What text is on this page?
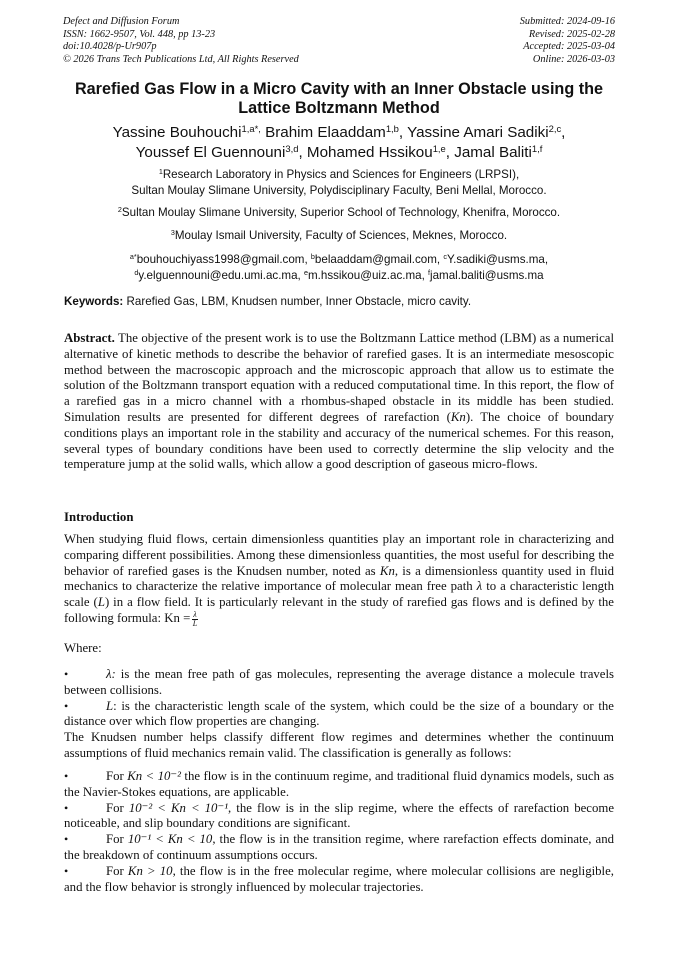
Defect and Diffusion Forum
ISSN: 1662-9507, Vol. 448, pp 13-23
doi:10.4028/p-Ur907p
© 2026 Trans Tech Publications Ltd, All Rights Reserved
Submitted: 2024-09-16
Revised: 2025-02-28
Accepted: 2025-03-04
Online: 2026-03-03
Rarefied Gas Flow in a Micro Cavity with an Inner Obstacle using the
Lattice Boltzmann Method
Yassine Bouhouchi$^{1,a*,}$ Brahim Elaaddam$^{1,b}$, Yassine Amari Sadiki$^{2,c}$,
Youssef El Guennouni$^{3,d}$, Mohamed Hssikou$^{1,e}$, Jamal Baliti$^{1,f}$
$^1$Research Laboratory in Physics and Sciences for Engineers (LRPSI),
Sultan Moulay Slimane University, Polydisciplinary Faculty, Beni Mellal, Morocco.
$^2$Sultan Moulay Slimane University, Superior School of Technology, Khenifra, Morocco.
$^3$Moulay Ismail University, Faculty of Sciences, Meknes, Morocco.
$^{a*}$bouhouchiyass1998@gmail.com, $^b$belaaddam@gmail.com, $^c$Y.sadiki@usms.ma,
$^d$y.elguennouni@edu.umi.ac.ma, $^e$m.hssikou@uiz.ac.ma, $^f$jamal.baliti@usms.ma
Keywords: Rarefied Gas, LBM, Knudsen number, Inner Obstacle, micro cavity.
Abstract. The objective of the present work is to use the Boltzmann Lattice method (LBM) as a numerical alternative of kinetic methods to describe the behavior of rarefied gases. It is an intermediate mesoscopic method between the macroscopic approach and the microscopic approach that allow us to estimate the solution of the Boltzmann transport equation with a reduced computational time. In this report, the flow of a rarefied gas in a micro channel with a rhombus-shaped obstacle in its middle has been studied. Simulation results are presented for different degrees of rarefaction (Kn). The choice of boundary conditions plays an important role in the stability and accuracy of the numerical schemes. For this reason, several types of boundary conditions have been used to correctly determine the slip velocity and the temperature jump at the solid walls, which allow a good description of gaseous micro-flows.
Introduction
When studying fluid flows, certain dimensionless quantities play an important role in characterizing and comparing different possibilities. Among these dimensionless quantities, the most useful for describing the behavior of rarefied gases is the Knudsen number, noted as Kn, is a dimensionless quantity used in fluid mechanics to characterize the relative importance of molecular mean free path λ to a characteristic length scale (L) in a flow field. It is particularly relevant in the study of rarefied gas flows and is defined by the following formula: $Kn = \frac{\lambda}{L}$
Where:
•	λ: is the mean free path of gas molecules, representing the average distance a molecule travels between collisions.
•	L: is the characteristic length scale of the system, which could be the size of a boundary or the distance over which flow properties are changing.
The Knudsen number helps classify different flow regimes and determines whether the continuum assumptions of fluid mechanics remain valid. The classification is generally as follows:
•	For Kn < 10⁻² the flow is in the continuum regime, and traditional fluid dynamics models, such as the Navier-Stokes equations, are applicable.
•	For 10⁻² < Kn < 10⁻¹, the flow is in the slip regime, where the effects of rarefaction become noticeable, and slip boundary conditions are significant.
•	For 10⁻¹ < Kn < 10, the flow is in the transition regime, where rarefaction effects dominate, and the breakdown of continuum assumptions occurs.
•	For Kn > 10, the flow is in the free molecular regime, where molecular collisions are negligible, and the flow behavior is strongly influenced by molecular trajectories.
